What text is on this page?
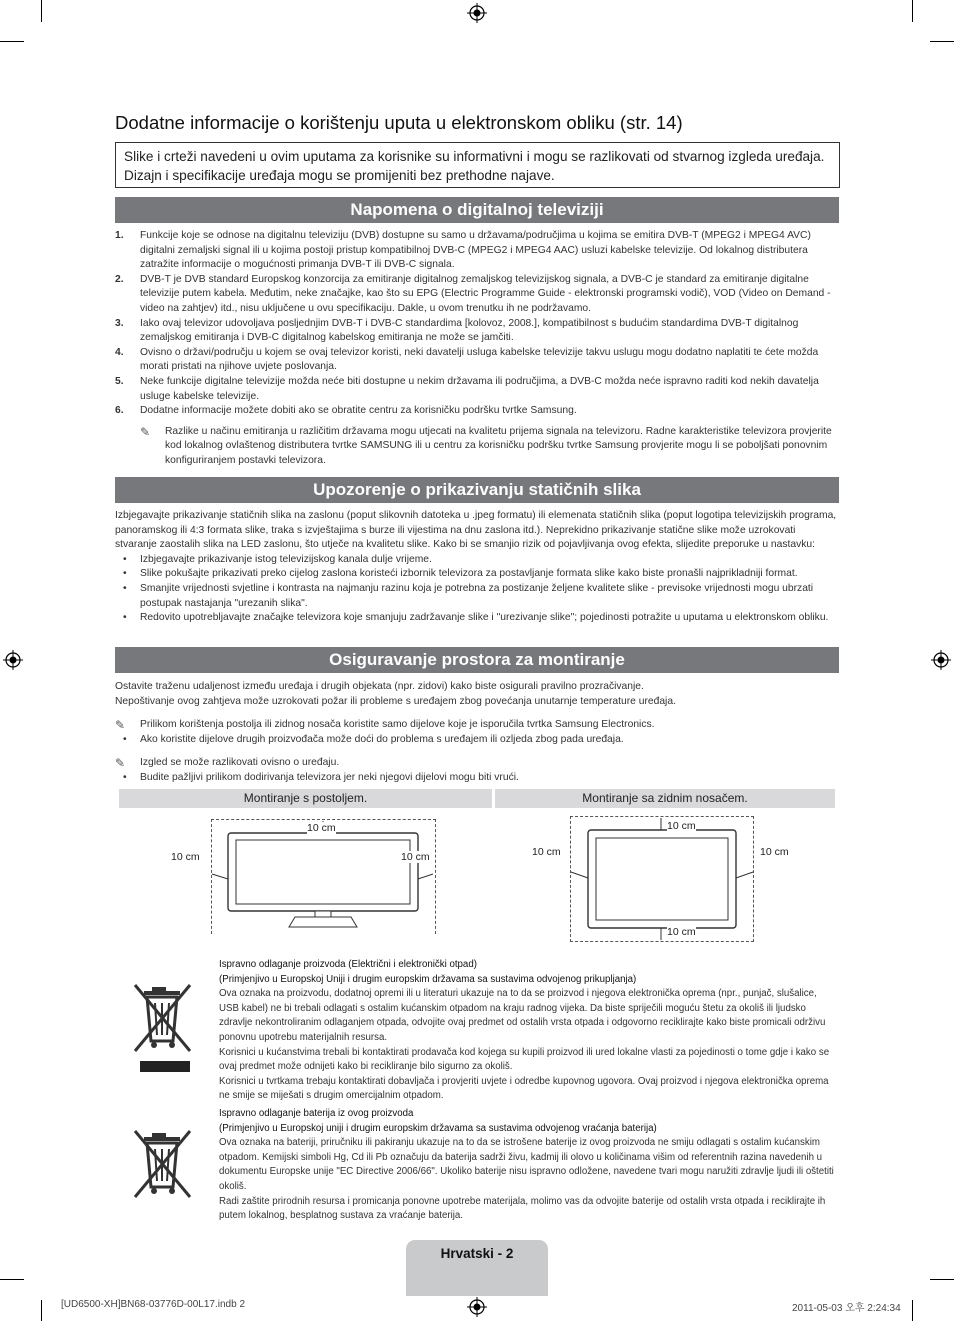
Dodatne informacije o korištenju uputa u elektronskom obliku (str. 14)
Slike i crteži navedeni u ovim uputama za korisnike su informativni i mogu se razlikovati od stvarnog izgleda uređaja. Dizajn i specifikacije uređaja mogu se promijeniti bez prethodne najave.
Napomena o digitalnoj televiziji
1. Funkcije koje se odnose na digitalnu televiziju (DVB) dostupne su samo u državama/područjima u kojima se emitira DVB-T (MPEG2 i MPEG4 AVC) digitalni zemaljski signal ili u kojima postoji pristup kompatibilnoj DVB-C (MPEG2 i MPEG4 AAC) usluzi kabelske televizije. Od lokalnog distributera zatražite informacije o mogućnosti primanja DVB-T ili DVB-C signala.
2. DVB-T je DVB standard Europskog konzorcija za emitiranje digitalnog zemaljskog televizijskog signala, a DVB-C je standard za emitiranje digitalne televizije putem kabela. Međutim, neke značajke, kao što su EPG (Electric Programme Guide - elektronski programski vodič), VOD (Video on Demand - video na zahtjev) itd., nisu uključene u ovu specifikaciju. Dakle, u ovom trenutku ih ne podržavamo.
3. Iako ovaj televizor udovoljava posljednjim DVB-T i DVB-C standardima [kolovoz, 2008.], kompatibilnost s budućim standardima DVB-T digitalnog zemaljskog emitiranja i DVB-C digitalnog kabelskog emitiranja ne može se jamčiti.
4. Ovisno o državi/području u kojem se ovaj televizor koristi, neki davatelji usluga kabelske televizije takvu uslugu mogu dodatno naplatiti te ćete možda morati pristati na njihove uvjete poslovanja.
5. Neke funkcije digitalne televizije možda neće biti dostupne u nekim državama ili područjima, a DVB-C možda neće ispravno raditi kod nekih davatelja usluge kabelske televizije.
6. Dodatne informacije možete dobiti ako se obratite centru za korisničku podršku tvrtke Samsung.
✎ Razlike u načinu emitiranja u različitim državama mogu utjecati na kvalitetu prijema signala na televizoru. Radne karakteristike televizora provjerite kod lokalnog ovlaštenog distributera tvrtke SAMSUNG ili u centru za korisničku podršku tvrtke Samsung provjerite mogu li se poboljšati ponovnim konfiguriranjem postavki televizora.
Upozorenje o prikazivanju statičnih slika
Izbjegavajte prikazivanje statičnih slika na zaslonu (poput slikovnih datoteka u .jpeg formatu) ili elemenata statičnih slika (poput logotipa televizijskih programa, panoramskog ili 4:3 formata slike, traka s izvještajima s burze ili vijestima na dnu zaslona itd.). Neprekidno prikazivanje statične slike može uzrokovati stvaranje zaostalih slika na LED zaslonu, što utječe na kvalitetu slike. Kako bi se smanjio rizik od pojavljivanja ovog efekta, slijedite preporuke u nastavku:
• Izbjegavajte prikazivanje istog televizijskog kanala dulje vrijeme.
• Slike pokušajte prikazivati preko cijelog zaslona koristeći izbornik televizora za postavljanje formata slike kako biste pronašli najprikladniji format.
• Smanjite vrijednosti svjetline i kontrasta na najmanju razinu koja je potrebna za postizanje željene kvalitete slike - previsoke vrijednosti mogu ubrzati postupak nastajanja "urezanih slika".
• Redovito upotrebljavajte značajke televizora koje smanjuju zadržavanje slike i "urezivanje slike"; pojedinosti potražite u uputama u elektronskom obliku.
Osiguravanje prostora za montiranje
Ostavite traženu udaljenost između uređaja i drugih objekata (npr. zidovi) kako biste osigurali pravilno prozračivanje.
Nepoštivanje ovog zahtjeva može uzrokovati požar ili probleme s uređajem zbog povećanja unutarnje temperature uređaja.
✎ Prilikom korištenja postolja ili zidnog nosača koristite samo dijelove koje je isporučila tvrtka Samsung Electronics.
• Ako koristite dijelove drugih proizvođača može doći do problema s uređajem ili ozljeda zbog pada uređaja.
✎ Izgled se može razlikovati ovisno o uređaju.
• Budite pažljivi prilikom dodirivanja televizora jer neki njegovi dijelovi mogu biti vrući.
Montiranje s postoljem.	Montiranje sa zidnim nosačem.
10 cm
10 cm	10 cm
10 cm
10 cm	10 cm
10 cm
Ispravno odlaganje proizvoda (Električni i elektronički otpad)
(Primjenjivo u Europskoj Uniji i drugim europskim državama sa sustavima odvojenog prikupljanja)
Ova oznaka na proizvodu, dodatnoj opremi ili u literaturi ukazuje na to da se proizvod i njegova elektronička oprema (npr., punjač, slušalice, USB kabel) ne bi trebali odlagati s ostalim kućanskim otpadom na kraju radnog vijeka. Da biste spriječili moguću štetu za okoliš ili ljudsko zdravlje nekontroliranim odlaganjem otpada, odvojite ovaj predmet od ostalih vrsta otpada i odgovorno reciklirajte kako biste promicali održivu ponovnu upotrebu materijalnih resursa.
Korisnici u kućanstvima trebali bi kontaktirati prodavača kod kojega su kupili proizvod ili ured lokalne vlasti za pojedinosti o tome gdje i kako se ovaj predmet može odnijeti kako bi recikliranje bilo sigurno za okoliš.
Korisnici u tvrtkama trebaju kontaktirati dobavljača i provjeriti uvjete i odredbe kupovnog ugovora. Ovaj proizvod i njegova elektronička oprema ne smije se miješati s drugim omercijalnim otpadom.
Ispravno odlaganje baterija iz ovog proizvoda
(Primjenjivo u Europskoj uniji i drugim europskim državama sa sustavima odvojenog vraćanja baterija)
Ova oznaka na bateriji, priručniku ili pakiranju ukazuje na to da se istrošene baterije iz ovog proizvoda ne smiju odlagati s ostalim kućanskim otpadom. Kemijski simboli Hg, Cd ili Pb označuju da baterija sadrži živu, kadmij ili olovo u količinama višim od referentnih razina navedenih u dokumentu Europske unije "EC Directive 2006/66". Ukoliko baterije nisu ispravno odložene, navedene tvari mogu naružiti zdravlje ljudi ili oštetiti okoliš.
Radi zaštite prirodnih resursa i promicanja ponovne upotrebe materijala, molimo vas da odvojite baterije od ostalih vrsta otpada i reciklirajte ih putem lokalnog, besplatnog sustava za vraćanje baterija.
Hrvatski - 2
[UD6500-XH]BN68-03776D-00L17.indb 2	2011-05-03 오후 2:24:34
